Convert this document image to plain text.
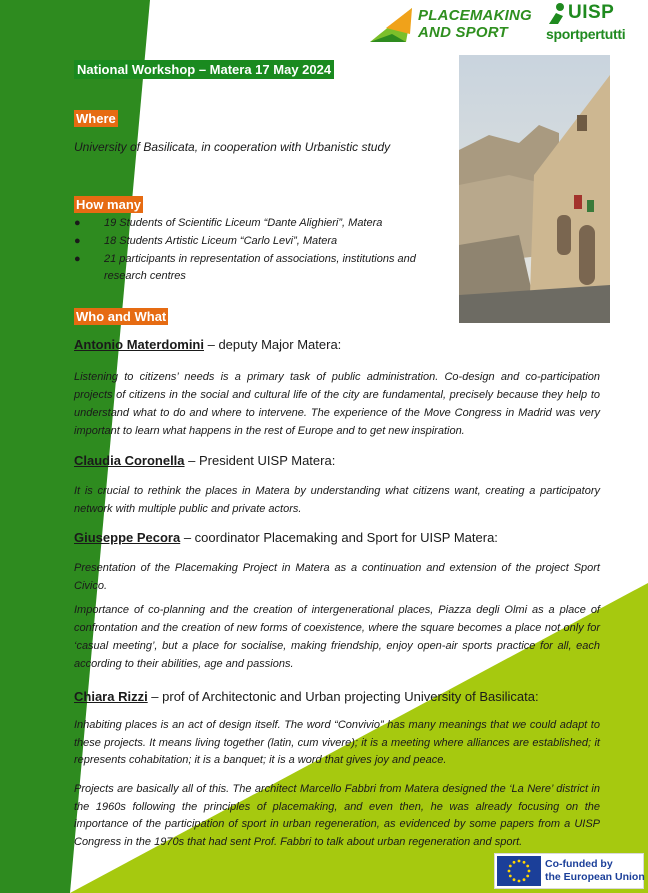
PLACEMAKING
AND SPORT
UISP
sportpertutti
National Workshop – Matera 17 May 2024
Where
University of Basilicata, in cooperation with Urbanistic study
How many
● 19 Students of Scientific Liceum “Dante Alighieri”, Matera
● 18 Students Artistic Liceum “Carlo Levi”, Matera
● 21 participants in representation of associations, institutions and research centres
Who and What
Antonio Materdomini – deputy Major Matera:
Listening to citizens’ needs is a primary task of public administration. Co-design and co-participation projects of citizens in the social and cultural life of the city are fundamental, precisely because they help to understand what to do and where to intervene. The experience of the Move Congress in Madrid was very important to learn what happens in the rest of Europe and to get new inspiration.
Claudia Coronella – President UISP Matera:
It is crucial to rethink the places in Matera by understanding what citizens want, creating a participatory network with multiple public and private actors.
Giuseppe Pecora – coordinator Placemaking and Sport for UISP Matera:
Presentation of the Placemaking Project in Matera as a continuation and extension of the project Sport Civico.
Importance of co-planning and the creation of intergenerational places, Piazza degli Olmi as a place of confrontation and the creation of new forms of coexistence, where the square becomes a place not only for ‘casual meeting’, but a place for socialise, making friendship, enjoy open-air sports practice for all, each according to their abilities, age and passions.
Chiara Rizzi – prof of Architectonic and Urban projecting University of Basilicata:
Inhabiting places is an act of design itself. The word “Convivio” has many meanings that we could adapt to these projects. It means living together (latin, cum vivere); it is a meeting where alliances are established; it represents cohabitation; it is a banquet; it is a word that gives joy and peace.
Projects are basically all of this. The architect Marcello Fabbri from Matera designed the ‘La Nere’ district in the 1960s following the principles of placemaking, and even then, he was already focusing on the importance of the participation of sport in urban regeneration, as evidenced by some papers from a UISP Congress in the 1970s that had sent Prof. Fabbri to talk about urban regeneration and sport.
Co-funded by
the European Union
